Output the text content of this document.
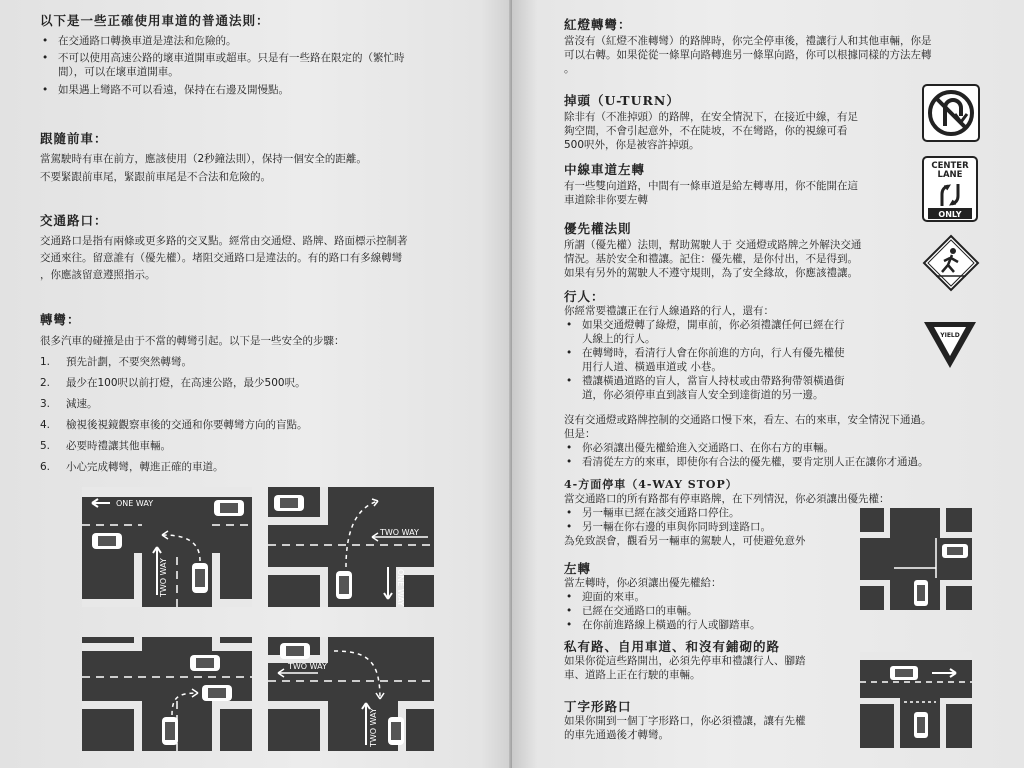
以下是一些正確使用車道的普通法則：
• 在交通路口轉換車道是違法和危險的。
• 不可以使用高速公路的壞車道開車或超車。只是有一些路在限定的（繁忙時
間），可以在壞車道開車。
• 如果遇上彎路不可以看遠，保持在右邊及開慢點。
跟隨前車：
當駕駛時有車在前方，應該使用（2秒鐘法則），保持一個安全的距離。
不要緊跟前車尾，緊跟前車尾是不合法和危險的。
交通路口：
交通路口是指有兩條或更多路的交叉點。經常由交通燈、路牌、路面標示控制著
交通來往。留意誰有（優先權）。堵阻交通路口是違法的。有的路口有多線轉彎
，你應該留意遵照指示。
轉彎：
很多汽車的碰撞是由于不當的轉彎引起。以下是一些安全的步驟：
1. 預先計劃，不要突然轉彎。
2. 最少在100呎以前打燈，在高速公路，最少500呎。
3. 減速。
4. 檢視後視鏡觀察車後的交通和你要轉彎方向的盲點。
5. 必要時禮讓其他車輛。
6. 小心完成轉彎，轉進正確的車道。
ONE WAY
TWO WAY
TWO WAY
ONE WAY
TWO WAY
TWO WAY
紅燈轉彎：
當沒有（紅燈不准轉彎）的路牌時，你完全停車後，禮讓行人和其他車輛，你是
可以右轉。如果從從一條單向路轉進另一條單向路，你可以根據同樣的方法左轉
。
掉頭（U-TURN）
除非有（不准掉頭）的路牌，在安全情況下，在接近中線，有足
夠空間，不會引起意外，不在陡坡，不在彎路，你的視線可看
500呎外，你是被容許掉頭。
中線車道左轉
有一些雙向道路，中間有一條車道是給左轉專用，你不能開在這
車道除非你要左轉
CENTER
LANE
ONLY
優先權法則
所謂（優先權）法則，幫助駕駛人于 交通燈或路牌之外解決交通
情況。基於安全和禮讓。記住：優先權，是你付出，不是得到。
如果有另外的駕駛人不遵守規則，為了安全緣故，你應該禮讓。
行人：
你經常要禮讓正在行人線過路的行人，還有：
• 如果交通燈轉了綠燈，開車前，你必須禮讓任何已經在行
人線上的行人。
• 在轉彎時，看清行人會在你前進的方向，行人有優先權使
用行人道、橫過車道或 小巷。
• 禮讓橫過道路的盲人，當盲人持杖或由帶路狗帶領橫過街
道，你必須停車直到該盲人安全到達街道的另一邊。
YIELD
沒有交通燈或路牌控制的交通路口慢下來，看左、右的來車，安全情況下通過。
但是：
• 你必須讓出優先權給進入交通路口、在你右方的車輛。
• 看清從左方的來車，即使你有合法的優先權，要肯定別人正在讓你才通過。
4-方面停車（4-WAY STOP）
當交通路口的所有路都有停車路牌，在下列情況，你必須讓出優先權：
• 另一輛車已經在該交通路口停住。
• 另一輛在你右邊的車與你同時到達路口。
為免致誤會，觀看另一輛車的駕駛人，可使避免意外
左轉
當左轉時，你必須讓出優先權給：
• 迎面的來車。
• 已經在交通路口的車輛。
• 在你前進路線上橫過的行人或腳踏車。
私有路、自用車道、和沒有鋪砌的路
如果你從這些路開出，必須先停車和禮讓行人、腳踏
車、道路上正在行駛的車輛。
丁字形路口
如果你開到一個丁字形路口，你必須禮讓，讓有先權
的車先通過後才轉彎。
